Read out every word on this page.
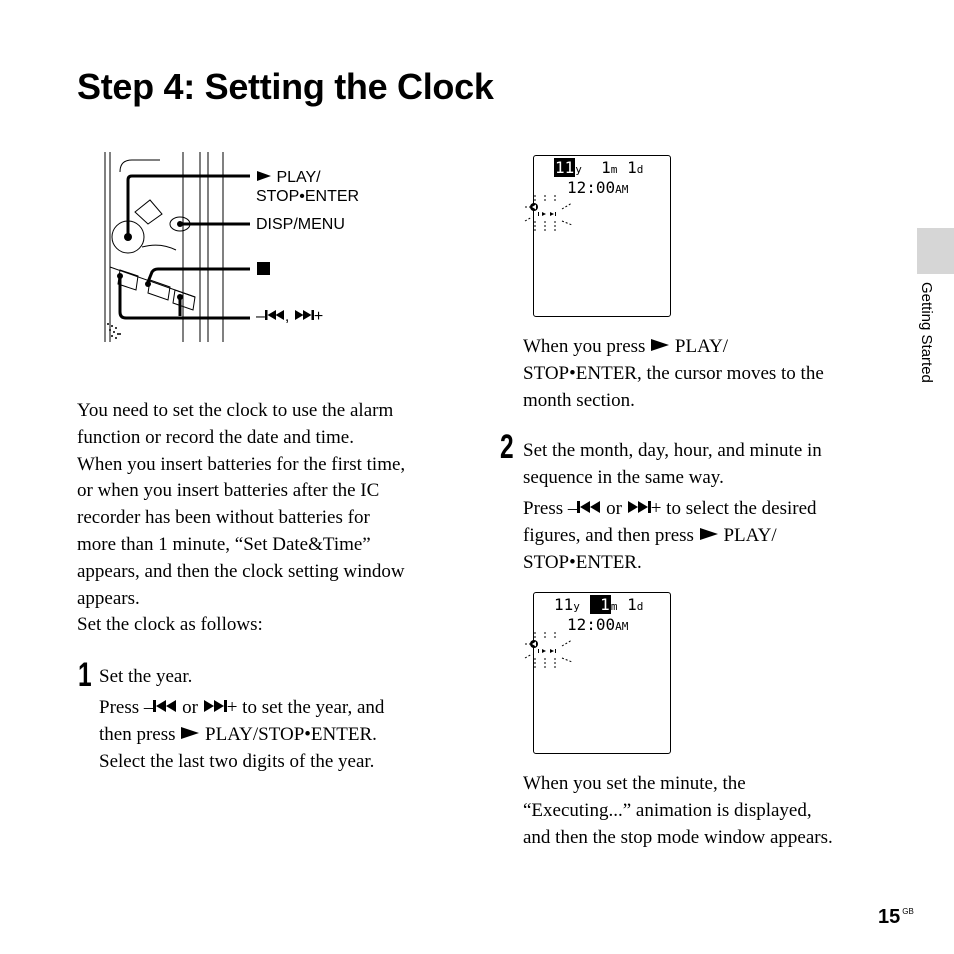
Step 4: Setting the Clock
Getting Started
PLAY/
STOP•ENTER
DISP/MENU
– , +
You need to set the clock to use the alarm
function or record the date and time.
When you insert batteries for the first time,
or when you insert batteries after the IC
recorder has been without batteries for
more than 1 minute, “Set Date&Time”
appears, and then the clock setting window
appears.
Set the clock as follows:
1 Set the year.
Press – or + to set the year, and
then press PLAY/STOP•ENTER.
Select the last two digits of the year.
11y 1m 1d
12:00AM
When you press PLAY/
STOP•ENTER, the cursor moves to the
month section.
2 Set the month, day, hour, and minute in
sequence in the same way.
Press – or + to select the desired
figures, and then press PLAY/
STOP•ENTER.
11y 1m 1d
12:00AM
When you set the minute, the
“Executing...” animation is displayed,
and then the stop mode window appears.
15 $^{GB}$
